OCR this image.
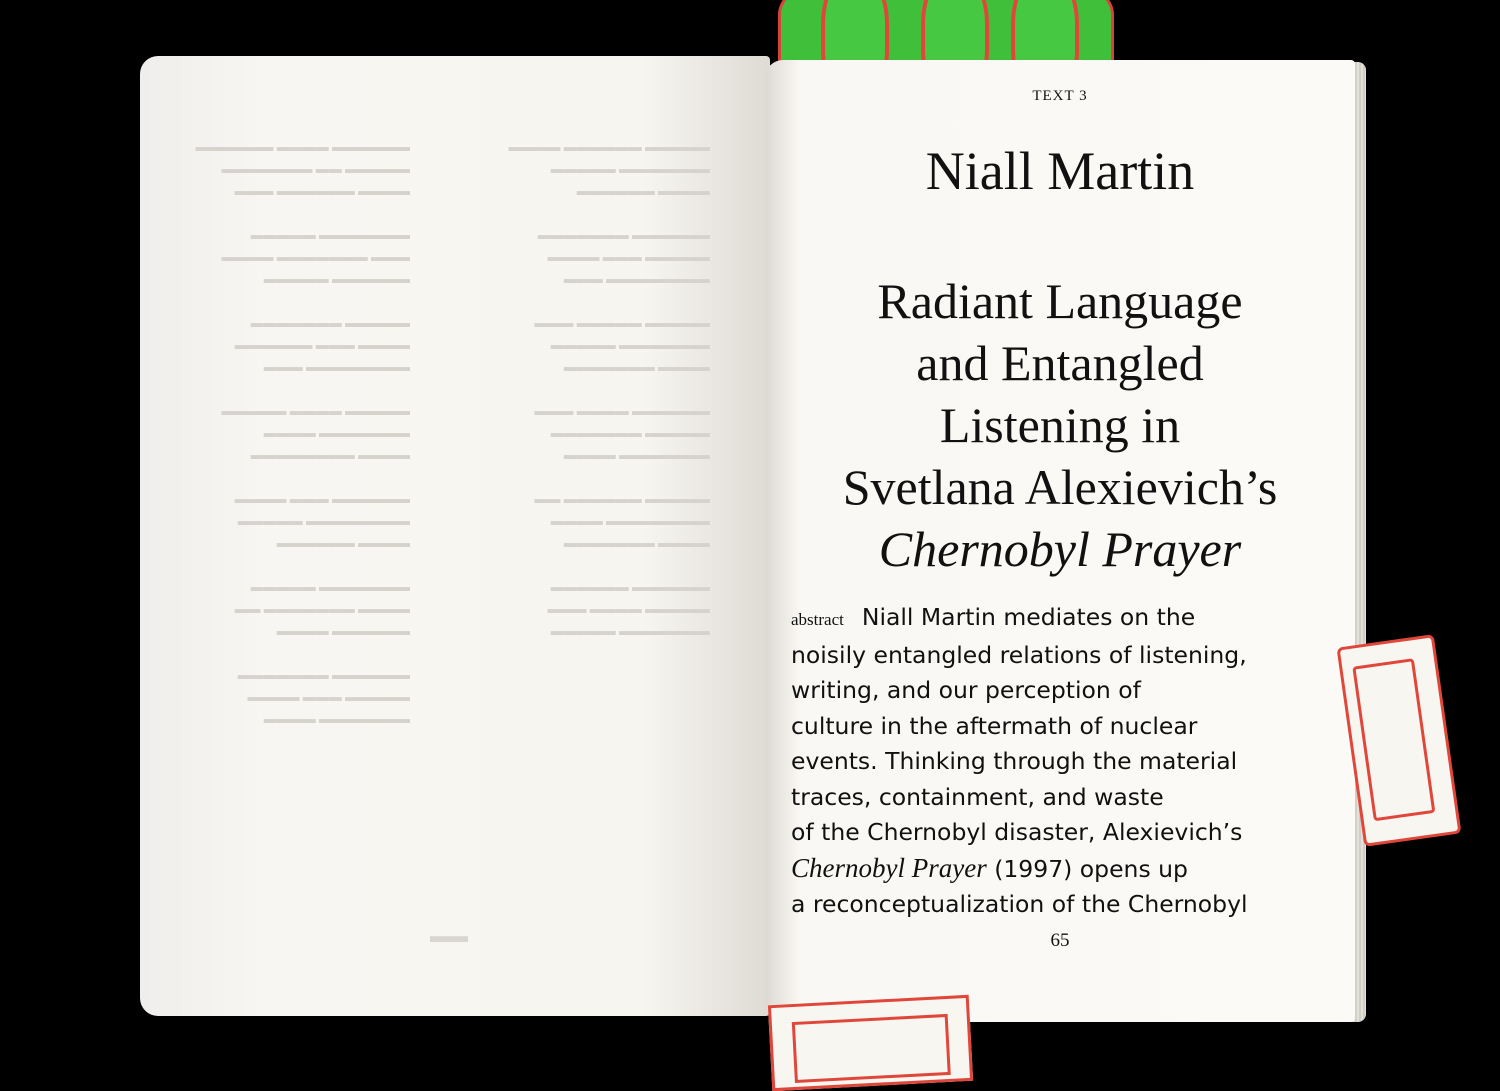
▬▬▬▬▬▬ ▬▬▬▬ ▬▬▬▬▬▬
▬▬▬▬▬ ▬▬ ▬▬▬▬▬▬▬
▬▬▬▬ ▬▬▬▬▬▬ ▬▬▬

▬▬▬▬▬▬▬ ▬▬▬▬▬
▬▬▬ ▬▬▬▬▬▬▬ ▬▬▬▬
▬▬▬▬▬▬ ▬▬▬▬▬

▬▬▬▬▬ ▬▬▬▬▬▬▬
▬▬▬▬ ▬▬▬ ▬▬▬▬▬▬
▬▬▬▬▬▬▬▬ ▬▬▬

▬▬▬▬▬ ▬▬▬▬ ▬▬▬▬▬
▬▬▬▬▬▬▬ ▬▬▬▬
▬▬▬▬ ▬▬▬▬▬▬▬▬

▬▬▬▬▬▬ ▬▬▬ ▬▬▬▬
▬▬▬▬▬▬▬▬ ▬▬▬▬▬
▬▬▬▬ ▬▬▬▬▬▬

▬▬▬▬▬▬▬ ▬▬▬▬▬
▬▬▬▬ ▬▬▬▬▬▬▬ ▬▬
▬▬▬▬▬▬ ▬▬▬▬

▬▬▬▬▬▬ ▬▬▬▬▬▬▬
▬▬▬▬▬ ▬▬▬ ▬▬▬▬
▬▬▬▬▬▬▬ ▬▬▬▬
▬▬▬▬▬ ▬▬▬▬▬▬ ▬▬▬▬
▬▬▬▬▬▬▬ ▬▬▬▬▬
▬▬▬▬ ▬▬▬▬▬▬

▬▬▬▬▬▬ ▬▬▬▬▬▬▬
▬▬▬▬▬ ▬▬▬ ▬▬▬▬
▬▬▬▬▬▬▬▬ ▬▬▬

▬▬▬▬▬ ▬▬▬▬▬ ▬▬▬
▬▬▬▬▬▬▬ ▬▬▬▬▬
▬▬▬▬ ▬▬▬▬▬▬▬

▬▬▬▬▬▬ ▬▬▬▬ ▬▬▬
▬▬▬▬▬ ▬▬▬▬▬▬▬
▬▬▬▬▬▬▬ ▬▬▬▬

▬▬▬▬▬ ▬▬▬▬▬▬ ▬▬
▬▬▬▬▬▬▬▬ ▬▬▬▬
▬▬▬▬ ▬▬▬▬▬▬▬

▬▬▬▬▬▬ ▬▬▬▬▬▬
▬▬▬▬▬ ▬▬▬▬ ▬▬▬
▬▬▬▬▬▬▬ ▬▬▬▬▬
▬▬
TEXT 3
Niall Martin
Radiant Language
and Entangled
Listening in
Svetlana Alexievich’s
Chernobyl Prayer
abstract Niall Martin mediates on the
noisily entangled relations of listening,
writing, and our perception of
culture in the aftermath of nuclear
events. Thinking through the material
traces, containment, and waste
of the Chernobyl disaster, Alexievich’s
Chernobyl Prayer (1997) opens up
a reconceptualization of the Chernobyl
65
